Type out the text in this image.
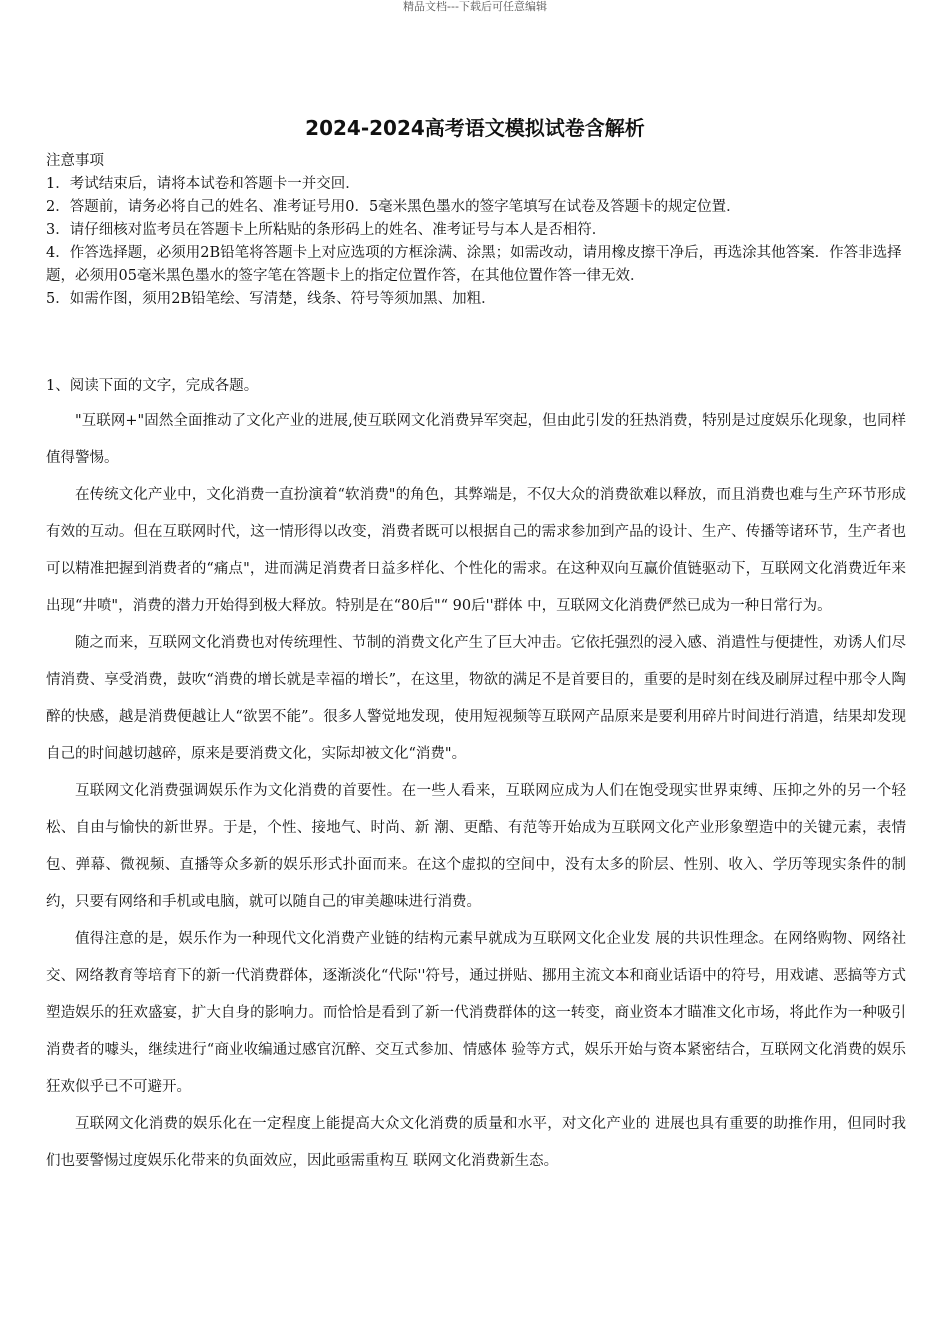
精品文档---下载后可任意编辑
2024-2024高考语文模拟试卷含解析

注意事项

1．考试结束后，请将本试卷和答题卡一并交回．

2．答题前，请务必将自己的姓名、准考证号用0．5毫米黑色墨水的签字笔填写在试卷及答题卡的规定位置．

3．请仔细核对监考员在答题卡上所粘贴的条形码上的姓名、准考证号与本人是否相符．

4．作答选择题，必须用2B铅笔将答题卡上对应选项的方框涂满、涂黑；如需改动，请用橡皮擦干净后，再选涂其他答案．作答非选择题，必须用05毫米黑色墨水的签字笔在答题卡上的指定位置作答，在其他位置作答一律无效．

5．如需作图，须用2B铅笔绘、写清楚，线条、符号等须加黑、加粗．

1、阅读下面的文字，完成各题。

"互联网+"固然全面推动了文化产业的进展,使互联网文化消费异军突起，但由此引发的狂热消费，特别是过度娱乐化现象，也同样值得警惕。

在传统文化产业中，文化消费一直扮演着“软消费"的角色，其弊端是，不仅大众的消费欲难以释放，而且消费也难与生产环节形成有效的互动。但在互联网时代，这一情形得以改变，消费者既可以根据自己的需求参加到产品的设计、生产、传播等诸环节，生产者也可以精准把握到消费者的“痛点"，进而满足消费者日益多样化、个性化的需求。在这种双向互赢价值链驱动下，互联网文化消费近年来出现“井喷"，消费的潜力开始得到极大释放。特别是在“80后"“ 90后''群体 中，互联网文化消费俨然已成为一种日常行为。

随之而来，互联网文化消费也对传统理性、节制的消费文化产生了巨大冲击。它依托强烈的浸入感、消遣性与便捷性，劝诱人们尽情消费、享受消费，鼓吹“消费的增长就是幸福的增长”，在这里，物欲的满足不是首要目的，重要的是时刻在线及刷屏过程中那令人陶醉的快感，越是消费便越让人“欲罢不能”。很多人警觉地发现，使用短视频等互联网产品原来是要利用碎片时间进行消遣，结果却发现自己的时间越切越碎，原来是要消费文化，实际却被文化“消费"。

互联网文化消费强调娱乐作为文化消费的首要性。在一些人看来，互联网应成为人们在饱受现实世界束缚、压抑之外的另一个轻松、自由与愉快的新世界。于是，个性、接地气、时尚、新 潮、更酷、有范等开始成为互联网文化产业形象塑造中的关键元素，表情包、弹幕、微视频、直播等众多新的娱乐形式扑面而来。在这个虚拟的空间中，没有太多的阶层、性别、收入、学历等现实条件的制约，只要有网络和手机或电脑，就可以随自己的审美趣味进行消费。

值得注意的是，娱乐作为一种现代文化消费产业链的结构元素早就成为互联网文化企业发 展的共识性理念。在网络购物、网络社交、网络教育等培育下的新一代消费群体，逐渐淡化“代际''符号，通过拼贴、挪用主流文本和商业话语中的符号，用戏谑、恶搞等方式塑造娱乐的狂欢盛宴，扩大自身的影响力。而恰恰是看到了新一代消费群体的这一转变，商业资本才瞄准文化市场，将此作为一种吸引消费者的噱头，继续进行“商业收编通过感官沉醉、交互式参加、情感体 验等方式，娱乐开始与资本紧密结合，互联网文化消费的娱乐狂欢似乎已不可避开。

互联网文化消费的娱乐化在一定程度上能提高大众文化消费的质量和水平，对文化产业的 进展也具有重要的助推作用，但同时我们也要警惕过度娱乐化带来的负面效应，因此亟需重构互 联网文化消费新生态。
